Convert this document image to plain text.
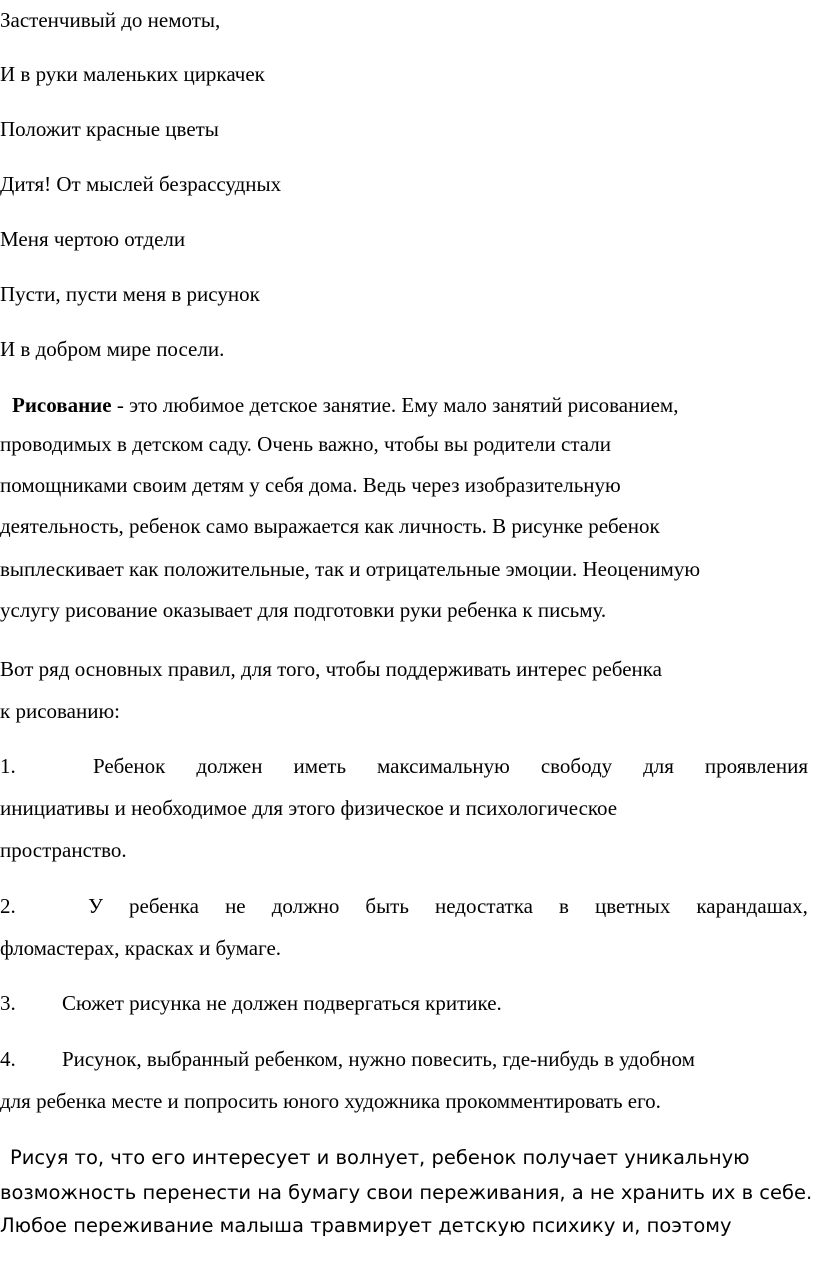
Застенчивый до немоты,
И в руки маленьких циркачек
Положит красные цветы
Дитя! От мыслей безрассудных
Меня чертою отдели
Пусти, пусти меня в рисунок
И в добром мире посели.
Рисование - это любимое детское занятие. Ему мало занятий рисованием,
проводимых в детском саду. Очень важно, чтобы вы родители стали
помощниками своим детям у себя дома. Ведь через изобразительную
деятельность, ребенок само выражается как личность. В рисунке ребенок
выплескивает как положительные, так и отрицательные эмоции. Неоценимую
услугу рисование оказывает для подготовки руки ребенка к письму.
Вот ряд основных правил, для того, чтобы поддерживать интерес ребенка
к рисованию:
1.	Ребенок должен иметь максимальную свободу для проявления
инициативы и необходимое для этого физическое и психологическое
пространство.
2.	У ребенка не должно быть недостатка в цветных карандашах,
фломастерах, красках и бумаге.
3. Сюжет рисунка не должен подвергаться критике.
4. Рисунок, выбранный ребенком, нужно повесить, где-нибудь в удобном
для ребенка месте и попросить юного художника прокомментировать его.
Рисуя то, что его интересует и волнует, ребенок получает уникальную
возможность перенести на бумагу свои переживания, а не хранить их в себе.
Любое переживание малыша травмирует детскую психику и, поэтому
